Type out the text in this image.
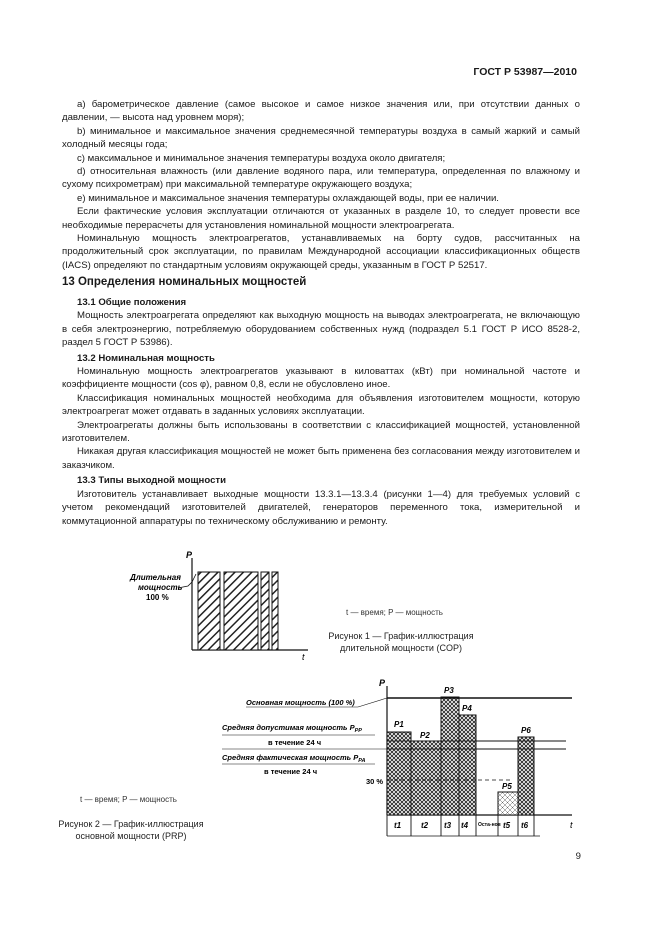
ГОСТ Р 53987—2010

а) барометрическое давление (самое высокое и самое низкое значения или, при отсутствии данных о давлении, — высота над уровнем моря);

b) минимальное и максимальное значения среднемесячной температуры воздуха в самый жаркий и самый холодный месяцы года;

c) максимальное и минимальное значения температуры воздуха около двигателя;

d) относительная влажность (или давление водяного пара, или температура, определенная по влажному и сухому психрометрам) при максимальной температуре окружающего воздуха;

e) минимальное и максимальное значения температуры охлаждающей воды, при ее наличии.

Если фактические условия эксплуатации отличаются от указанных в разделе 10, то следует провести все необходимые перерасчеты для установления номинальной мощности электроагрегата.

Номинальную мощность электроагрегатов, устанавливаемых на борту судов, рассчитанных на продолжительный срок эксплуатации, по правилам Международной ассоциации классификационных обществ (IACS) определяют по стандартным условиям окружающей среды, указанным в ГОСТ Р 52517.

13 Определения номинальных мощностей

13.1 Общие положения

Мощность электроагрегата определяют как выходную мощность на выводах электроагрегата, не включающую в себя электроэнергию, потребляемую оборудованием собственных нужд (подраздел 5.1 ГОСТ Р ИСО 8528-2, раздел 5 ГОСТ Р 53986).

13.2 Номинальная мощность

Номинальную мощность электроагрегатов указывают в киловаттах (кВт) при номинальной частоте и коэффициенте мощности (cos φ), равном 0,8, если не обусловлено иное.

Классификация номинальных мощностей необходима для объявления изготовителем мощности, которую электроагрегат может отдавать в заданных условиях эксплуатации.

Электроагрегаты должны быть использованы в соответствии с классификацией мощностей, установленной изготовителем.

Никакая другая классификация мощностей не может быть применена без согласования между изготовителем и заказчиком.

13.3 Типы выходной мощности

Изготовитель устанавливает выходные мощности 13.3.1—13.3.4 (рисунки 1—4) для требуемых условий с учетом рекомендаций изготовителей двигателей, генераторов переменного тока, измерительной и коммутационной аппаратуры по техническому обслуживанию и ремонту.

P
t
Длительная
мощность
100 %
P
t
P1
P2
P3
P4
P5
P6
t1 t2 t3 t4 Оста-нов t5 t6
Основная мощность (100 %)
Средняя допустимая мощность $P_{PP}$
в течение 24 ч
Средняя фактическая мощность $P_{PA}$
в течение 24 ч
30 %
t — время; P — мощность
Рисунок 1 — График-иллюстрация
длительной мощности (COP)
t — время; P — мощность
Рисунок 2 — График-иллюстрация
основной мощности (PRP)
9
